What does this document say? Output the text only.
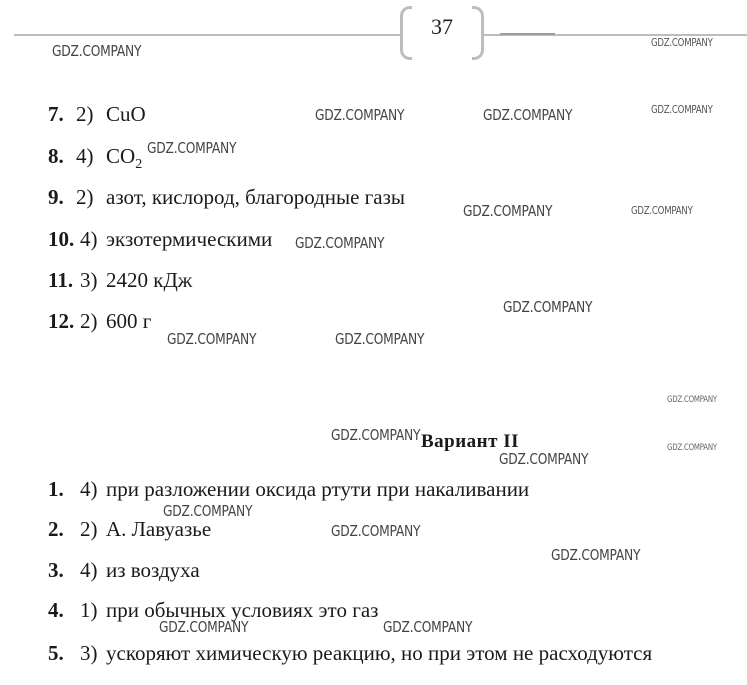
37
7. 2) CuO
8. 4) $CO_2$
9. 2) азот, кислород, благородные газы
10. 4) экзотермическими
11. 3) 2420 кДж
12. 2) 600 г
Вариант II
1. 4) при разложении оксида ртути при накаливании
2. 2) А. Лавуазье
3. 4) из воздуха
4. 1) при обычных условиях это газ
5. 3) ускоряют химическую реакцию, но при этом не расходуются
GDZ.COMPANY	GDZ.COMPANY
GDZ.COMPANY	GDZ.COMPANY	GDZ.COMPANY
GDZ.COMPANY
GDZ.COMPANY	GDZ.COMPANY
GDZ.COMPANY
GDZ.COMPANY
GDZ.COMPANY	GDZ.COMPANY
GDZ.COMPANY
GDZ.COMPANY
GDZ.COMPANY
GDZ.COMPANY
GDZ.COMPANY
GDZ.COMPANY
GDZ.COMPANY
GDZ.COMPANY	GDZ.COMPANY
